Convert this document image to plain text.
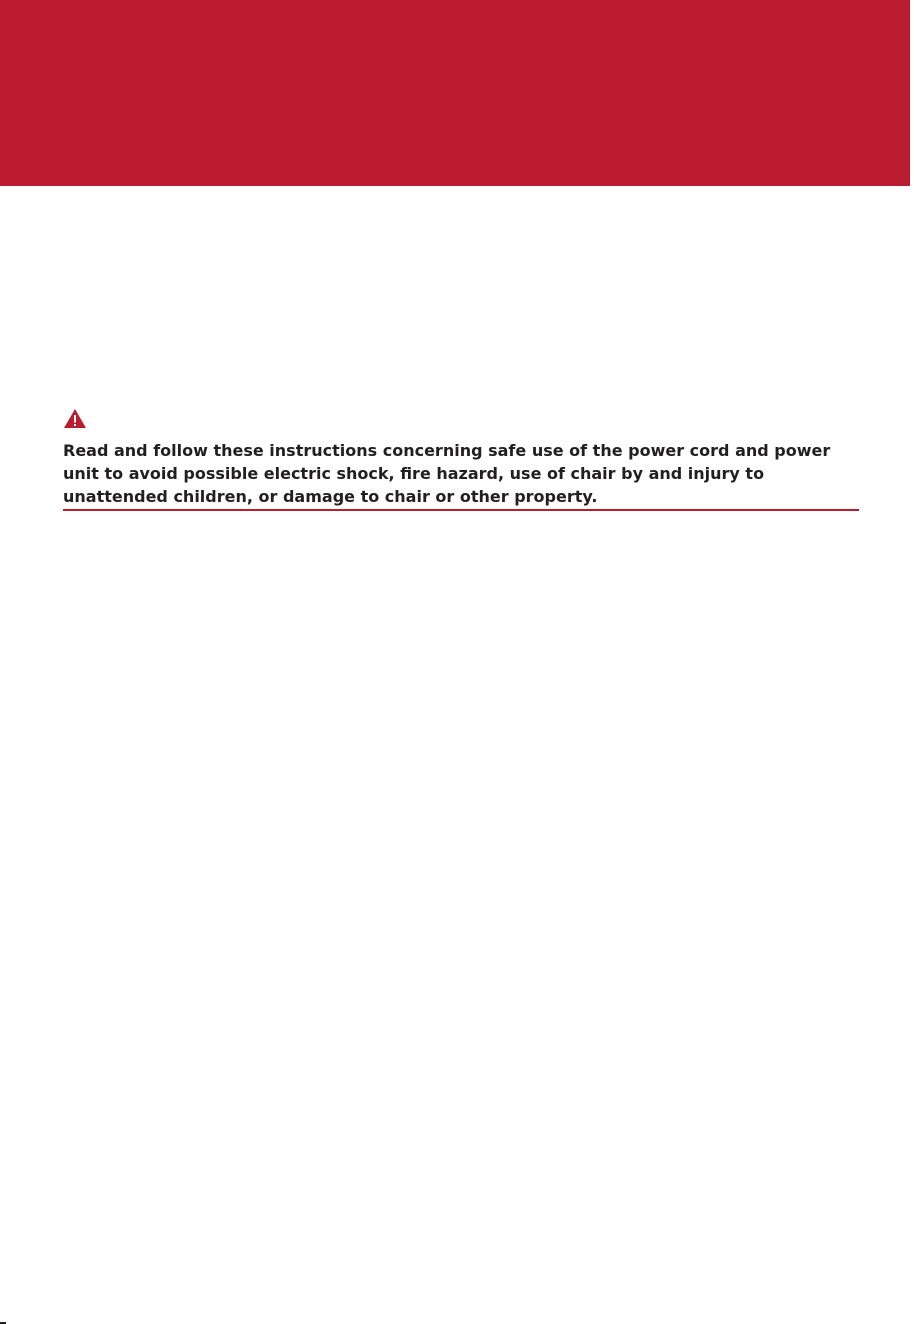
Read and follow these instructions concerning safe use of the power cord and power unit to avoid possible electric shock, fire hazard, use of chair by and injury to unattended children, or damage to chair or other property.
